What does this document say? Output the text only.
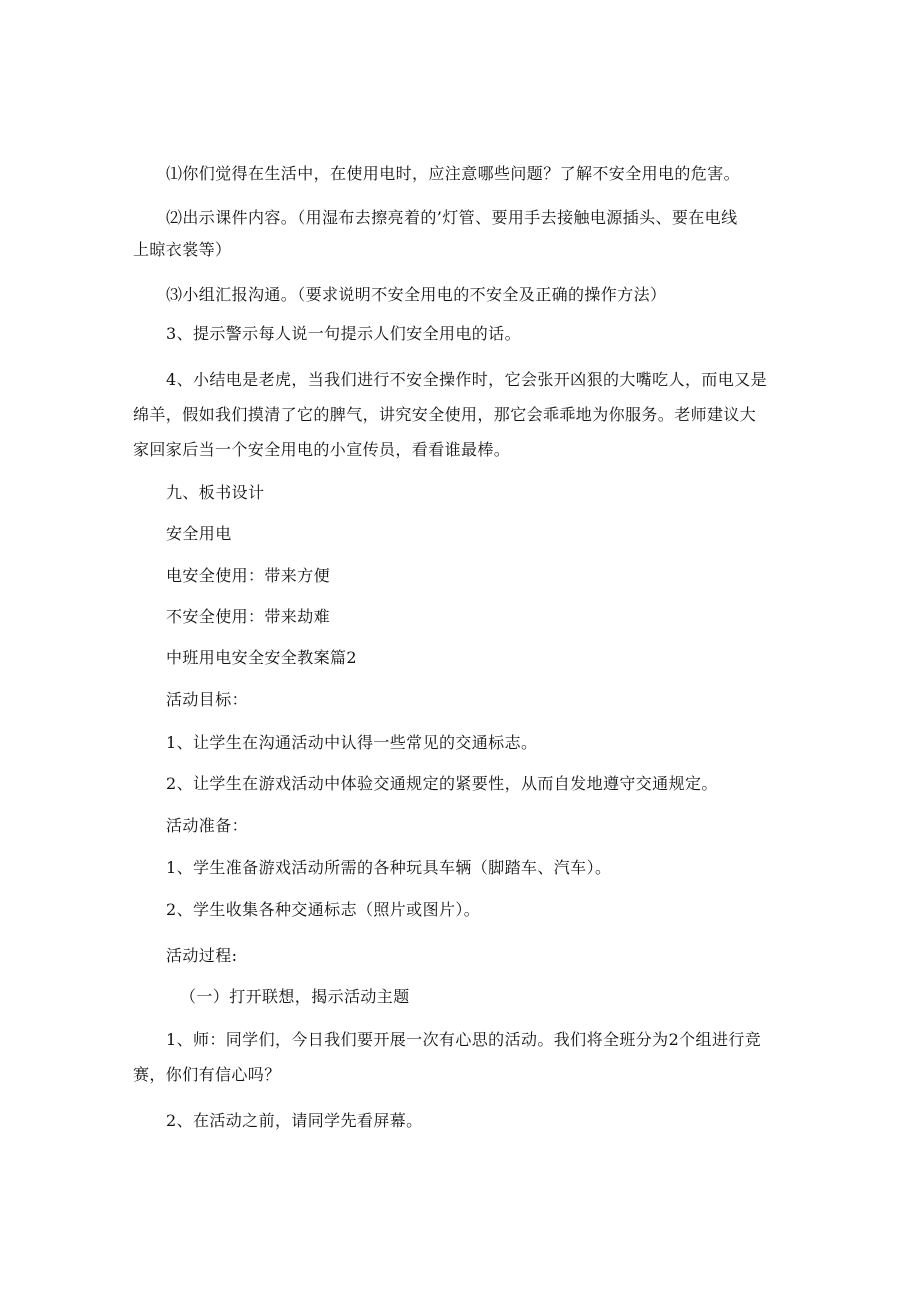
⑴你们觉得在生活中，在使用电时，应注意哪些问题？了解不安全用电的危害。
⑵出示课件内容。（用湿布去擦亮着的’灯管、要用手去接触电源插头、要在电线
上晾衣裳等）
⑶小组汇报沟通。（要求说明不安全用电的不安全及正确的操作方法）
3、提示警示每人说一句提示人们安全用电的话。
4、小结电是老虎，当我们进行不安全操作时，它会张开凶狠的大嘴吃人，而电又是
绵羊，假如我们摸清了它的脾气，讲究安全使用，那它会乖乖地为你服务。老师建议大
家回家后当一个安全用电的小宣传员，看看谁最棒。
九、板书设计
安全用电
电安全使用：带来方便
不安全使用：带来劫难
中班用电安全安全教案篇2
活动目标：
1、让学生在沟通活动中认得一些常见的交通标志。
2、让学生在游戏活动中体验交通规定的紧要性，从而自发地遵守交通规定。
活动准备：
1、学生准备游戏活动所需的各种玩具车辆（脚踏车、汽车）。
2、学生收集各种交通标志（照片或图片）。
活动过程:
（一）打开联想，揭示活动主题
1、师：同学们，今日我们要开展一次有心思的活动。我们将全班分为2个组进行竞
赛，你们有信心吗？
2、在活动之前，请同学先看屏幕。
